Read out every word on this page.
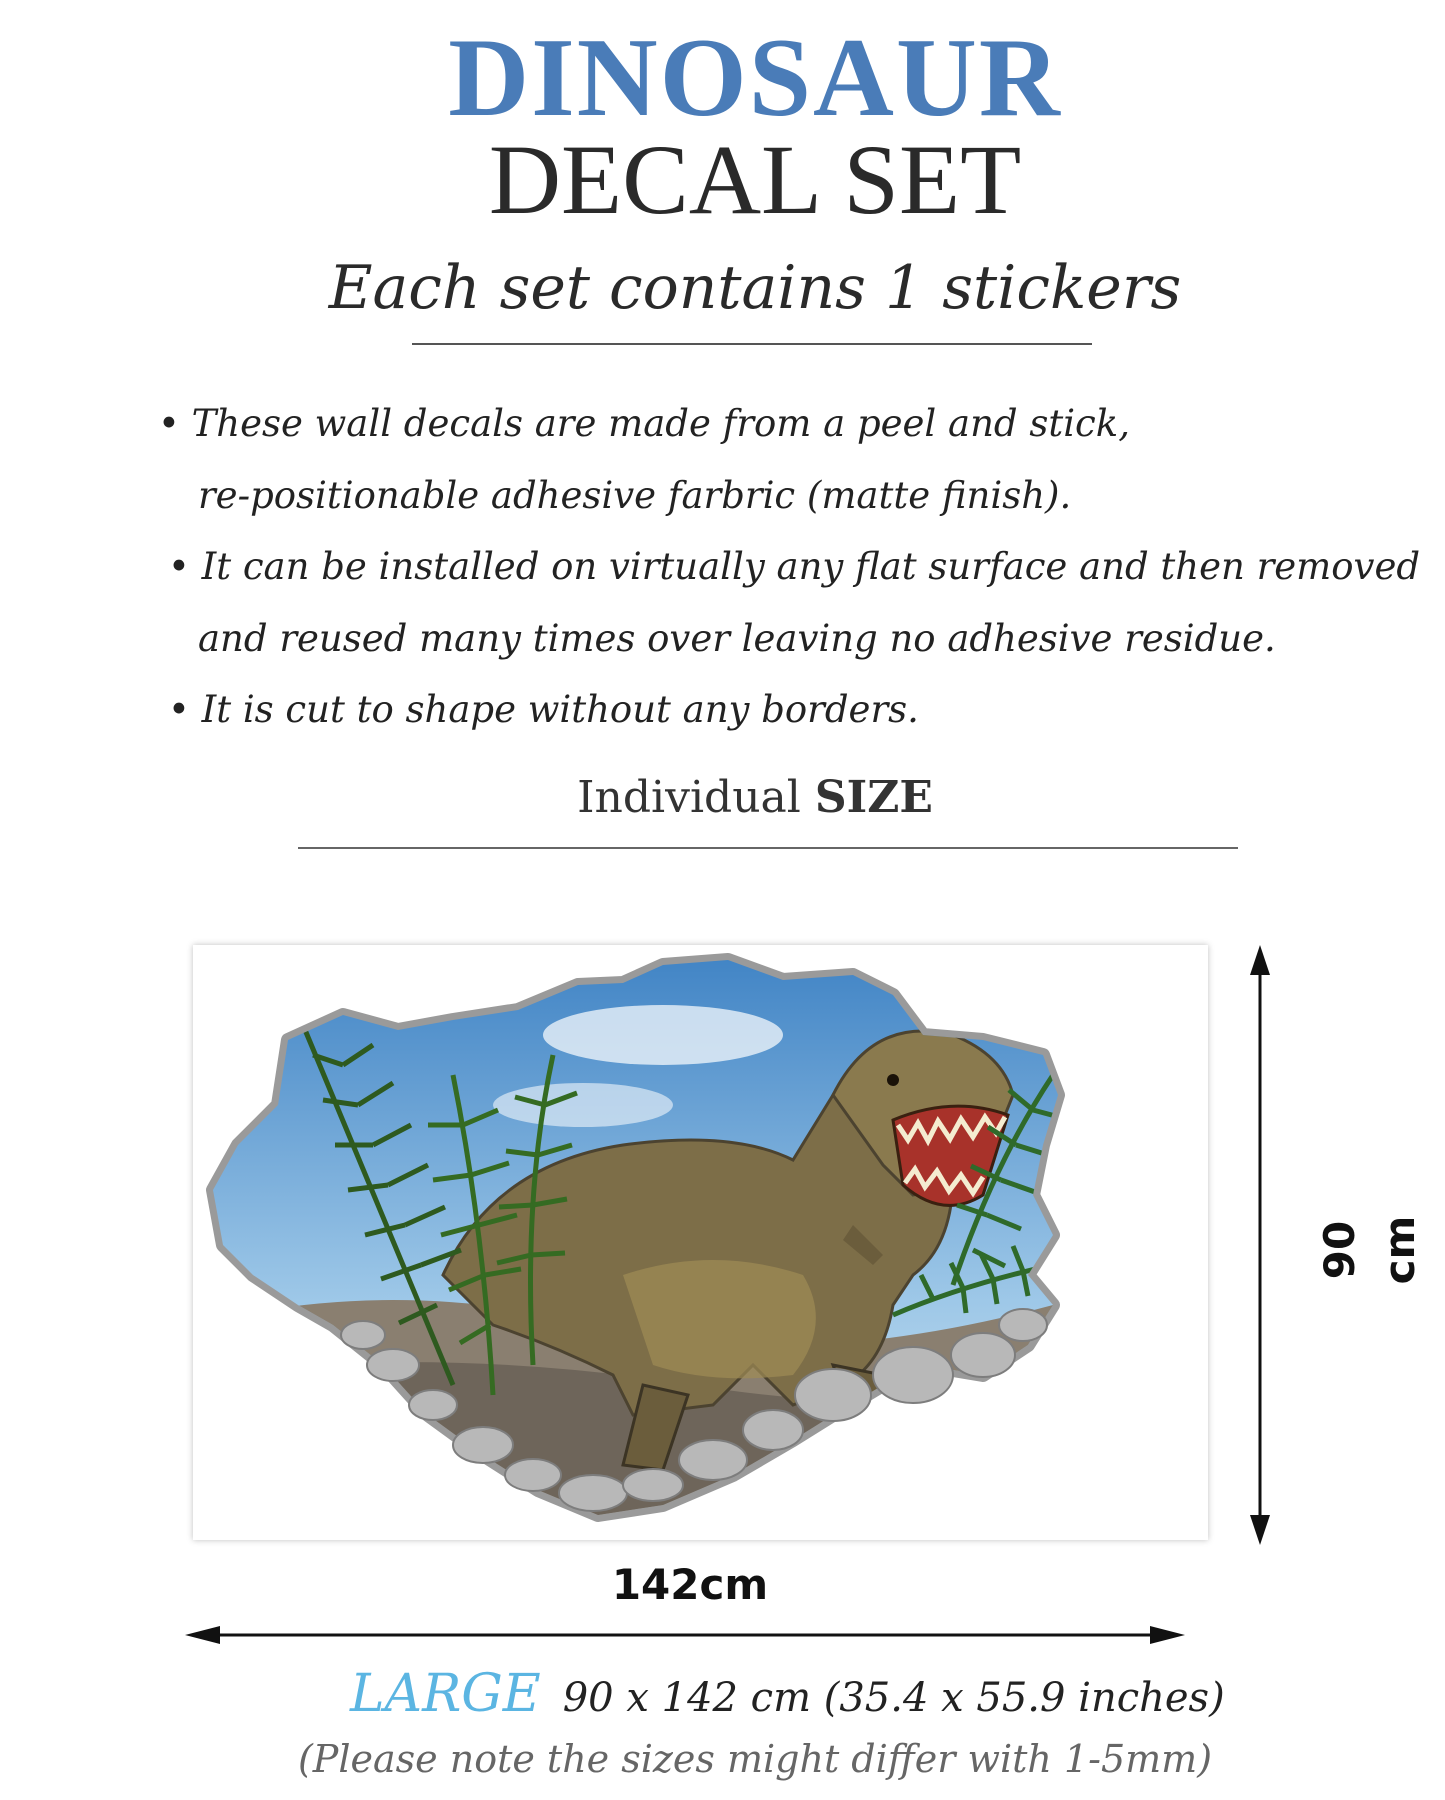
DINOSAUR
DECAL SET
Each set contains 1 stickers
• These wall decals are made from a peel and stick,
re-positionable adhesive farbric (matte finish).
• It can be installed on virtually any flat surface and then removed
and reused many times over leaving no adhesive residue.
• It is cut to shape without any borders.
Individual SIZE
90 cm
142cm
LARGE 90 x 142 cm (35.4 x 55.9 inches)
(Please note the sizes might differ with 1-5mm)
